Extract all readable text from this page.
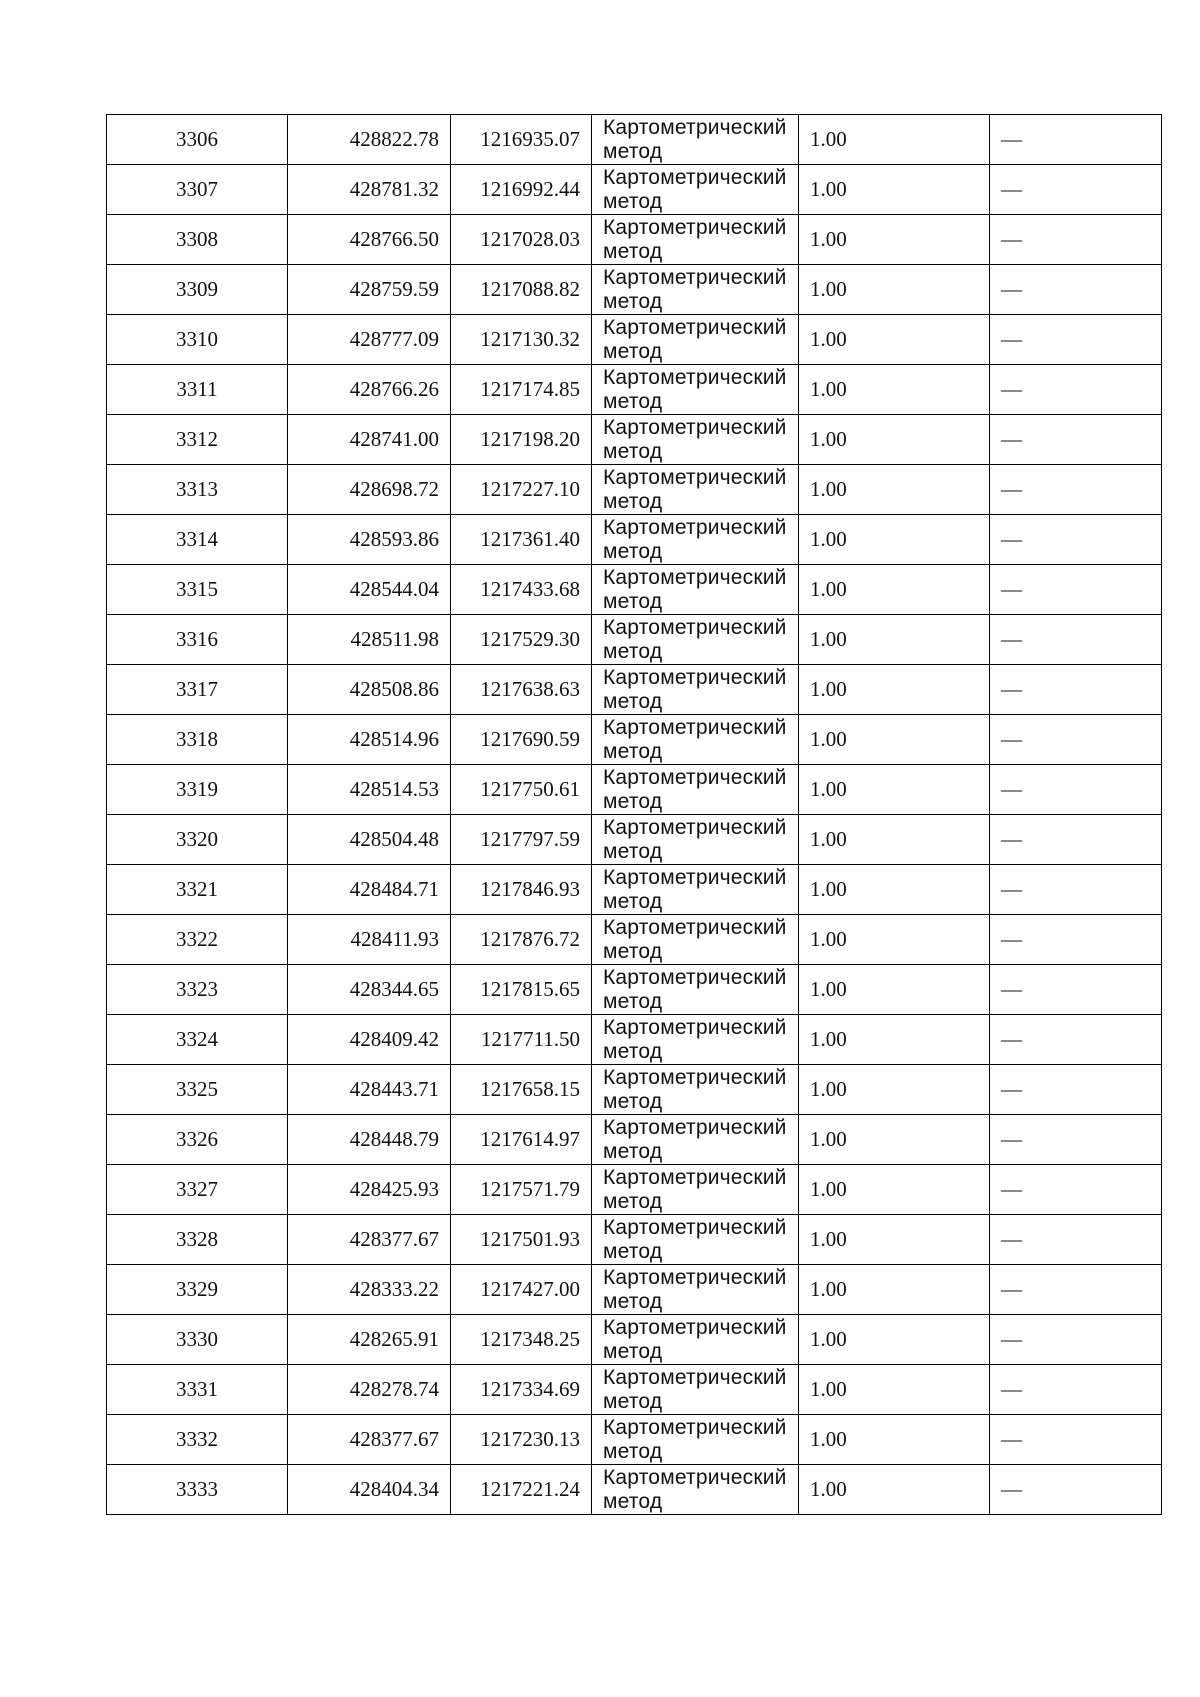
3306	428822.78	1216935.07	Картометрический
метод	1.00	—
3307	428781.32	1216992.44	Картометрический
метод	1.00	—
3308	428766.50	1217028.03	Картометрический
метод	1.00	—
3309	428759.59	1217088.82	Картометрический
метод	1.00	—
3310	428777.09	1217130.32	Картометрический
метод	1.00	—
3311	428766.26	1217174.85	Картометрический
метод	1.00	—
3312	428741.00	1217198.20	Картометрический
метод	1.00	—
3313	428698.72	1217227.10	Картометрический
метод	1.00	—
3314	428593.86	1217361.40	Картометрический
метод	1.00	—
3315	428544.04	1217433.68	Картометрический
метод	1.00	—
3316	428511.98	1217529.30	Картометрический
метод	1.00	—
3317	428508.86	1217638.63	Картометрический
метод	1.00	—
3318	428514.96	1217690.59	Картометрический
метод	1.00	—
3319	428514.53	1217750.61	Картометрический
метод	1.00	—
3320	428504.48	1217797.59	Картометрический
метод	1.00	—
3321	428484.71	1217846.93	Картометрический
метод	1.00	—
3322	428411.93	1217876.72	Картометрический
метод	1.00	—
3323	428344.65	1217815.65	Картометрический
метод	1.00	—
3324	428409.42	1217711.50	Картометрический
метод	1.00	—
3325	428443.71	1217658.15	Картометрический
метод	1.00	—
3326	428448.79	1217614.97	Картометрический
метод	1.00	—
3327	428425.93	1217571.79	Картометрический
метод	1.00	—
3328	428377.67	1217501.93	Картометрический
метод	1.00	—
3329	428333.22	1217427.00	Картометрический
метод	1.00	—
3330	428265.91	1217348.25	Картометрический
метод	1.00	—
3331	428278.74	1217334.69	Картометрический
метод	1.00	—
3332	428377.67	1217230.13	Картометрический
метод	1.00	—
3333	428404.34	1217221.24	Картометрический
метод	1.00	—
